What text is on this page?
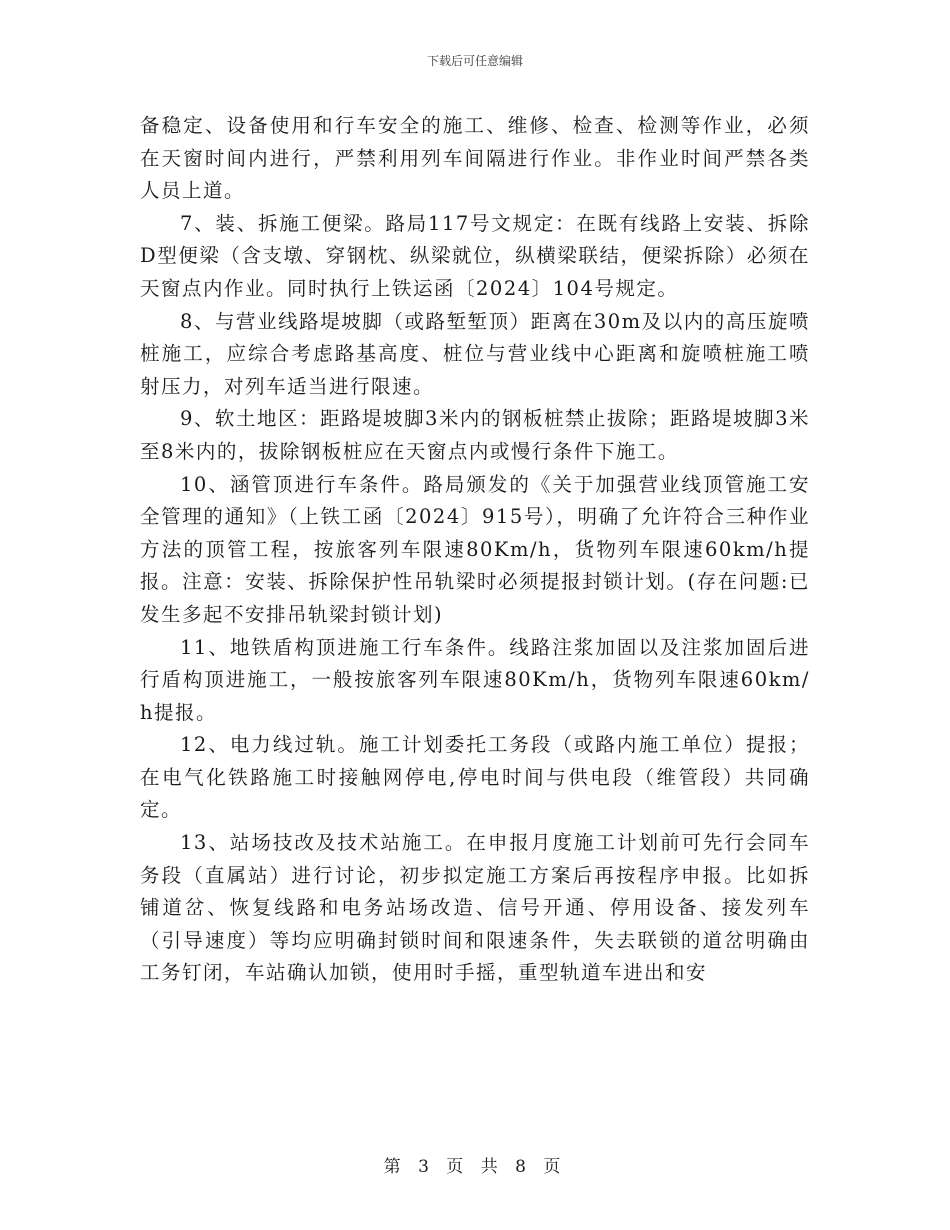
下载后可任意编辑

备稳定、设备使用和行车安全的施工、维修、检查、检测等作业，必须在天窗时间内进行，严禁利用列车间隔进行作业。非作业时间严禁各类人员上道。

7、装、拆施工便梁。路局117号文规定：在既有线路上安装、拆除D型便梁（含支墩、穿钢枕、纵梁就位，纵横梁联结，便梁拆除）必须在天窗点内作业。同时执行上铁运函〔2024〕104号规定。

8、与营业线路堤坡脚（或路堑堑顶）距离在30m及以内的高压旋喷桩施工，应综合考虑路基高度、桩位与营业线中心距离和旋喷桩施工喷射压力，对列车适当进行限速。

9、软土地区：距路堤坡脚3米内的钢板桩禁止拔除；距路堤坡脚3米至8米内的，拔除钢板桩应在天窗点内或慢行条件下施工。

10、涵管顶进行车条件。路局颁发的《关于加强营业线顶管施工安全管理的通知》（上铁工函〔2024〕915号），明确了允许符合三种作业方法的顶管工程，按旅客列车限速80Km/h，货物列车限速60km/h提报。注意：安装、拆除保护性吊轨梁时必须提报封锁计划。(存在问题:已发生多起不安排吊轨梁封锁计划)

11、地铁盾构顶进施工行车条件。线路注浆加固以及注浆加固后进行盾构顶进施工，一般按旅客列车限速80Km/h，货物列车限速60km/h提报。

12、电力线过轨。施工计划委托工务段（或路内施工单位）提报；在电气化铁路施工时接触网停电,停电时间与供电段（维管段）共同确定。

13、站场技改及技术站施工。在申报月度施工计划前可先行会同车务段（直属站）进行讨论，初步拟定施工方案后再按程序申报。比如拆铺道岔、恢复线路和电务站场改造、信号开通、停用设备、接发列车（引导速度）等均应明确封锁时间和限速条件，失去联锁的道岔明确由工务钉闭，车站确认加锁，使用时手摇，重型轨道车进出和安

第 3 页 共 8 页
